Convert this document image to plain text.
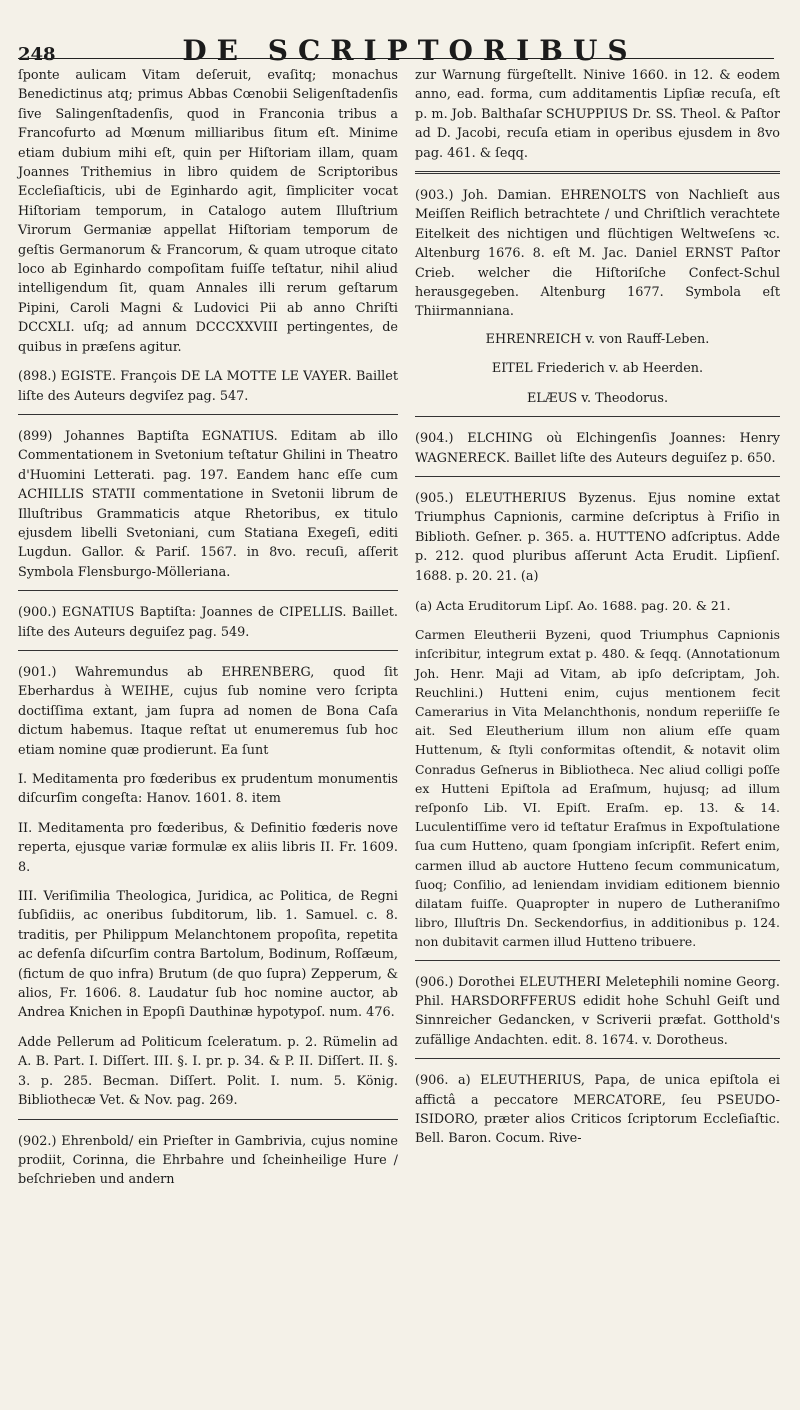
248	DE SCRIPTORIBUS

ſponte aulicam Vitam deſeruit, evaſitq; monachus Benedictinus atq; primus Abbas Cœnobii Seligenſtadenſis ſive Salingenſtadenſis, quod in Franconia tribus a Francofurto ad Mœnum milliaribus ſitum eſt. Minime etiam dubium mihi eſt, quin per Hiſtoriam illam, quam Joannes Trithemius in libro quidem de Scriptoribus Eccleſiaſticis, ubi de Eginhardo agit, ſimpliciter vocat Hiſtoriam temporum, in Catalogo autem Illuſtrium Virorum Germaniæ appellat Hiſtoriam temporum de geſtis Germanorum & Francorum, & quam utroque citato loco ab Eginhardo compoſitam fuiſſe teſtatur, nihil aliud intelligendum ſit, quam Annales illi rerum geſtarum Pipini, Caroli Magni & Ludovici Pii ab anno Chriſti DCCXLI. uſq; ad annum DCCCXXVIII pertingentes, de quibus in præſens agitur.

(898.) EGISTE. François DE LA MOTTE LE VAYER. Baillet liſte des Auteurs degviſez pag. 547.

(899) Johannes Baptiſta EGNATIUS. Editam ab illo Commentationem in Svetonium teſtatur Ghilini in Theatro d'Huomini Letterati. pag. 197. Eandem hanc eſſe cum ACHILLIS STATII commentatione in Svetonii librum de Illuſtribus Grammaticis atque Rhetoribus, ex titulo ejusdem libelli Svetoniani, cum Statiana Exegeſi, editi Lugdun. Gallor. & Pariſ. 1567. in 8vo. recuſi, aſſerit Symbola Flensburgo-Mölleriana.

(900.) EGNATIUS Baptiſta: Joannes de CIPELLIS. Baillet. liſte des Auteurs deguiſez pag. 549.

(901.) Wahremundus ab EHRENBERG, quod ſit Eberhardus à WEIHE, cujus ſub nomine vero ſcripta doctiſſima extant, jam ſupra ad nomen de Bona Caſa dictum habemus. Itaque reſtat ut enumeremus ſub hoc etiam nomine quæ prodierunt. Ea ſunt

I. Meditamenta pro fœderibus ex prudentum monumentis diſcurſim congeſta: Hanov. 1601. 8. item

II. Meditamenta pro fœderibus, & Definitio fœderis nove reperta, ejusque variæ formulæ ex aliis libris II. Fr. 1609. 8.

III. Veriſimilia Theologica, Juridica, ac Politica, de Regni ſubſidiis, ac oneribus ſubditorum, lib. 1. Samuel. c. 8. traditis, per Philippum Melanchtonem propoſita, repetita ac defenſa diſcurſim contra Bartolum, Bodinum, Roſſæum, (fictum de quo infra) Brutum (de quo ſupra) Zepperum, & alios, Fr. 1606. 8. Laudatur ſub hoc nomine auctor, ab Andrea Knichen in Epopſi Dauthinæ hypotypoſ. num. 476.

Adde Pellerum ad Politicum ſceleratum. p. 2. Rümelin ad A. B. Part. I. Diſſert. III. §. I. pr. p. 34. & P. II. Diſſert. II. §. 3. p. 285. Becman. Diſſert. Polit. I. num. 5. König. Bibliothecæ Vet. & Nov. pag. 269.

(902.) Ehrenbold/ ein Prieſter in Gambrivia, cujus nomine prodiit, Corinna, die Ehrbahre und ſcheinheilige Hure / beſchrieben und andern

zur Warnung fürgeſtellt. Ninive 1660. in 12. & eodem anno, ead. forma, cum additamentis Lipſiæ recuſa, eſt p. m. Job. Balthaſar SCHUPPIUS Dr. SS. Theol. & Paſtor ad D. Jacobi, recuſa etiam in operibus ejusdem in 8vo pag. 461. & ſeqq.

(903.) Joh. Damian. EHRENOLTS von Nachlieſt aus Meiſſen Reiflich betrachtete / und Chriſtlich verachtete Eitelkeit des nichtigen und flüchtigen Weltweſens ꝛc. Altenburg 1676. 8. eſt M. Jac. Daniel ERNST Paſtor Crieb. welcher die Hiſtoriſche Confect-Schul herausgegeben. Altenburg 1677. Symbola eſt Thiirmanniana.

EHRENREICH v. von Rauff-Leben.

EITEL Friederich v. ab Heerden.

ELÆUS v. Theodorus.

(904.) ELCHING où Elchingenſis Joannes: Henry WAGNERECK. Baillet liſte des Auteurs deguiſez p. 650.

(905.) ELEUTHERIUS Byzenus. Ejus nomine extat Triumphus Capnionis, carmine deſcriptus à Friſio in Biblioth. Geſner. p. 365. a. HUTTENO adſcriptus. Adde p. 212. quod pluribus aſſerunt Acta Erudit. Lipſienſ. 1688. p. 20. 21. (a)

(a) Acta Eruditorum Lipſ. Ao. 1688. pag. 20. & 21.

Carmen Eleutherii Byzeni, quod Triumphus Capnionis inſcribitur, integrum extat p. 480. & ſeqq. (Annotationum Joh. Henr. Maji ad Vitam, ab ipſo deſcriptam, Joh. Reuchlini.) Hutteni enim, cujus mentionem fecit Camerarius in Vita Melanchthonis, nondum reperiiſſe ſe ait. Sed Eleutherium illum non alium eſſe quam Huttenum, & ſtyli conformitas oſtendit, & notavit olim Conradus Geſnerus in Bibliotheca. Nec aliud colligi poſſe ex Hutteni Epiſtola ad Eraſmum, hujusq; ad illum reſponſo Lib. VI. Epiſt. Eraſm. ep. 13. & 14. Luculentiſſime vero id teſtatur Eraſmus in Expoſtulatione ſua cum Hutteno, quam ſpongiam inſcripſit. Refert enim, carmen illud ab auctore Hutteno ſecum communicatum, ſuoq; Conſilio, ad leniendam invidiam editionem biennio dilatam fuiſſe. Quapropter in nupero de Lutheraniſmo libro, Illuſtris Dn. Seckendorfius, in additionibus p. 124. non dubitavit carmen illud Hutteno tribuere.

(906.) Dorothei ELEUTHERI Meletephili nomine Georg. Phil. HARSDORFFERUS edidit hohe Schuhl Geiſt und Sinnreicher Gedancken, v Scriverii præfat. Gotthold's zufällige Andachten. edit. 8. 1674. v. Dorotheus.

(906. a) ELEUTHERIUS, Papa, de unica epiſtola ei affictâ a peccatore MERCATORE, ſeu PSEUDO-ISIDORO, præter alios Criticos ſcriptorum Eccleſiaſtic. Bell. Baron. Cocum. Rive-
